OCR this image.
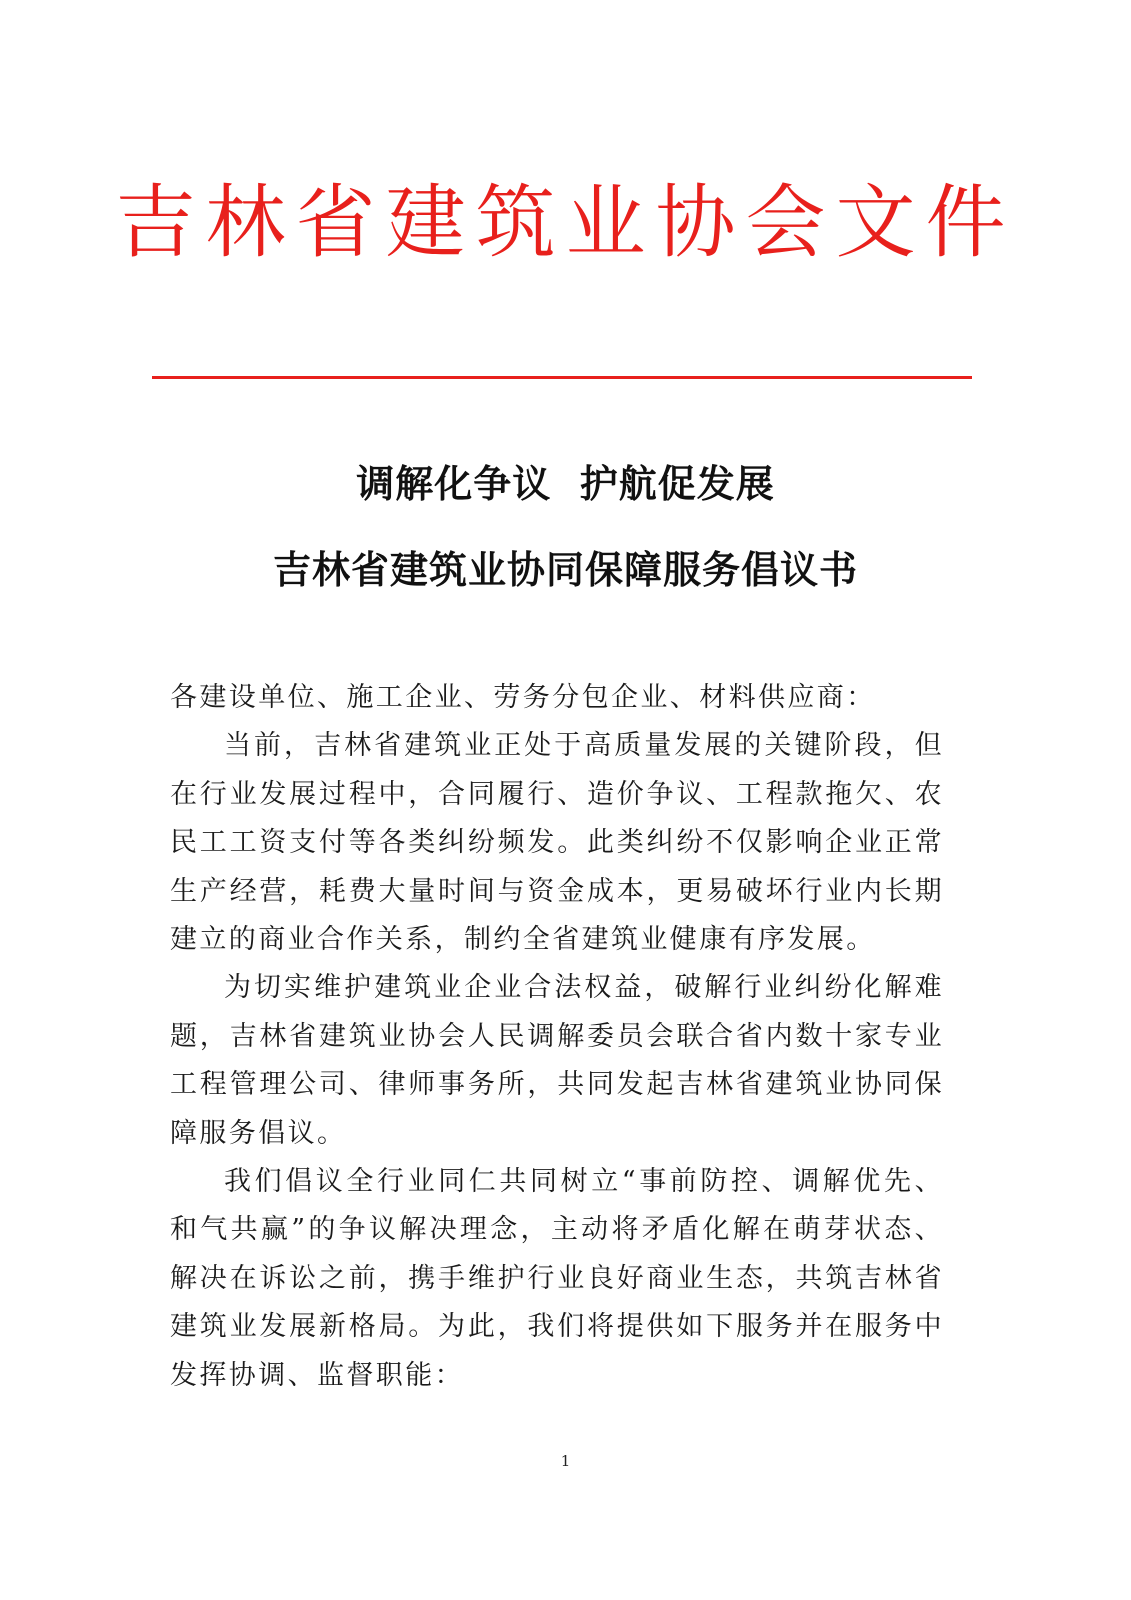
吉林省建筑业协会文件
调解化争议  护航促发展
吉林省建筑业协同保障服务倡议书

各建设单位、施工企业、劳务分包企业、材料供应商：

当前，吉林省建筑业正处于高质量发展的关键阶段，但在行业发展过程中，合同履行、造价争议、工程款拖欠、农民工工资支付等各类纠纷频发。此类纠纷不仅影响企业正常生产经营，耗费大量时间与资金成本，更易破坏行业内长期建立的商业合作关系，制约全省建筑业健康有序发展。

为切实维护建筑业企业合法权益，破解行业纠纷化解难题，吉林省建筑业协会人民调解委员会联合省内数十家专业工程管理公司、律师事务所，共同发起吉林省建筑业协同保障服务倡议。

我们倡议全行业同仁共同树立“事前防控、调解优先、和气共赢”的争议解决理念，主动将矛盾化解在萌芽状态、解决在诉讼之前，携手维护行业良好商业生态，共筑吉林省建筑业发展新格局。为此，我们将提供如下服务并在服务中发挥协调、监督职能：

1
